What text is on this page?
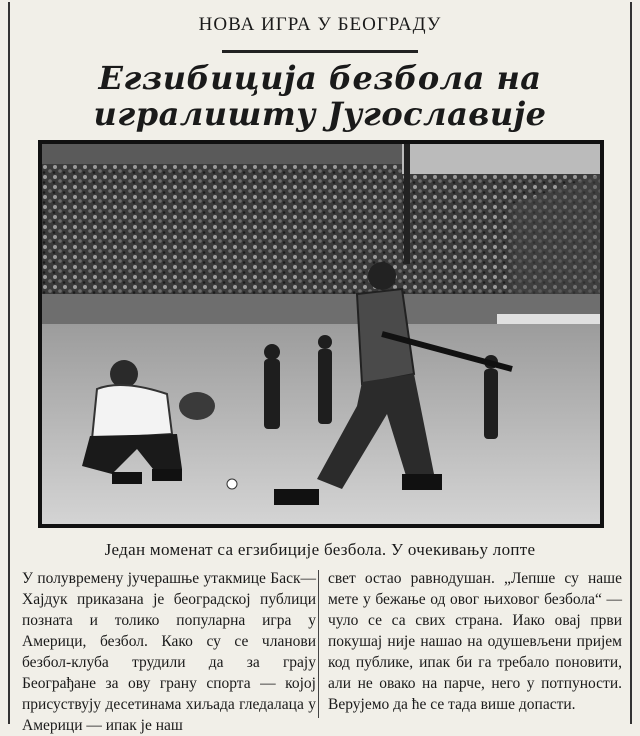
НОВА ИГРА У БЕОГРАДУ
Егзибиција безбола на игралишту Југославије
Један моменат са егзибиције безбола. У очекивању лопте
У полувремену јучерашње утакмице Баск—Хајдук приказана је београдској публици позната и толико популарна игра у Америци, безбол. Како су се чланови безбол-клуба трудили да за грају Београђане за ову грану спорта — којој присуствују десетинама хиљада гледалаца у Америци — ипак је наш
свет остао равнодушан. „Лепше су наше мете у бежање од овог њиховог безбола“ — чуло се са свих страна. Иако овај први покушај није нашао на одушевљени пријем код публике, ипак би га требало поновити, али не овако на парче, него у потпуности. Верујемо да ће се тада више допасти.
